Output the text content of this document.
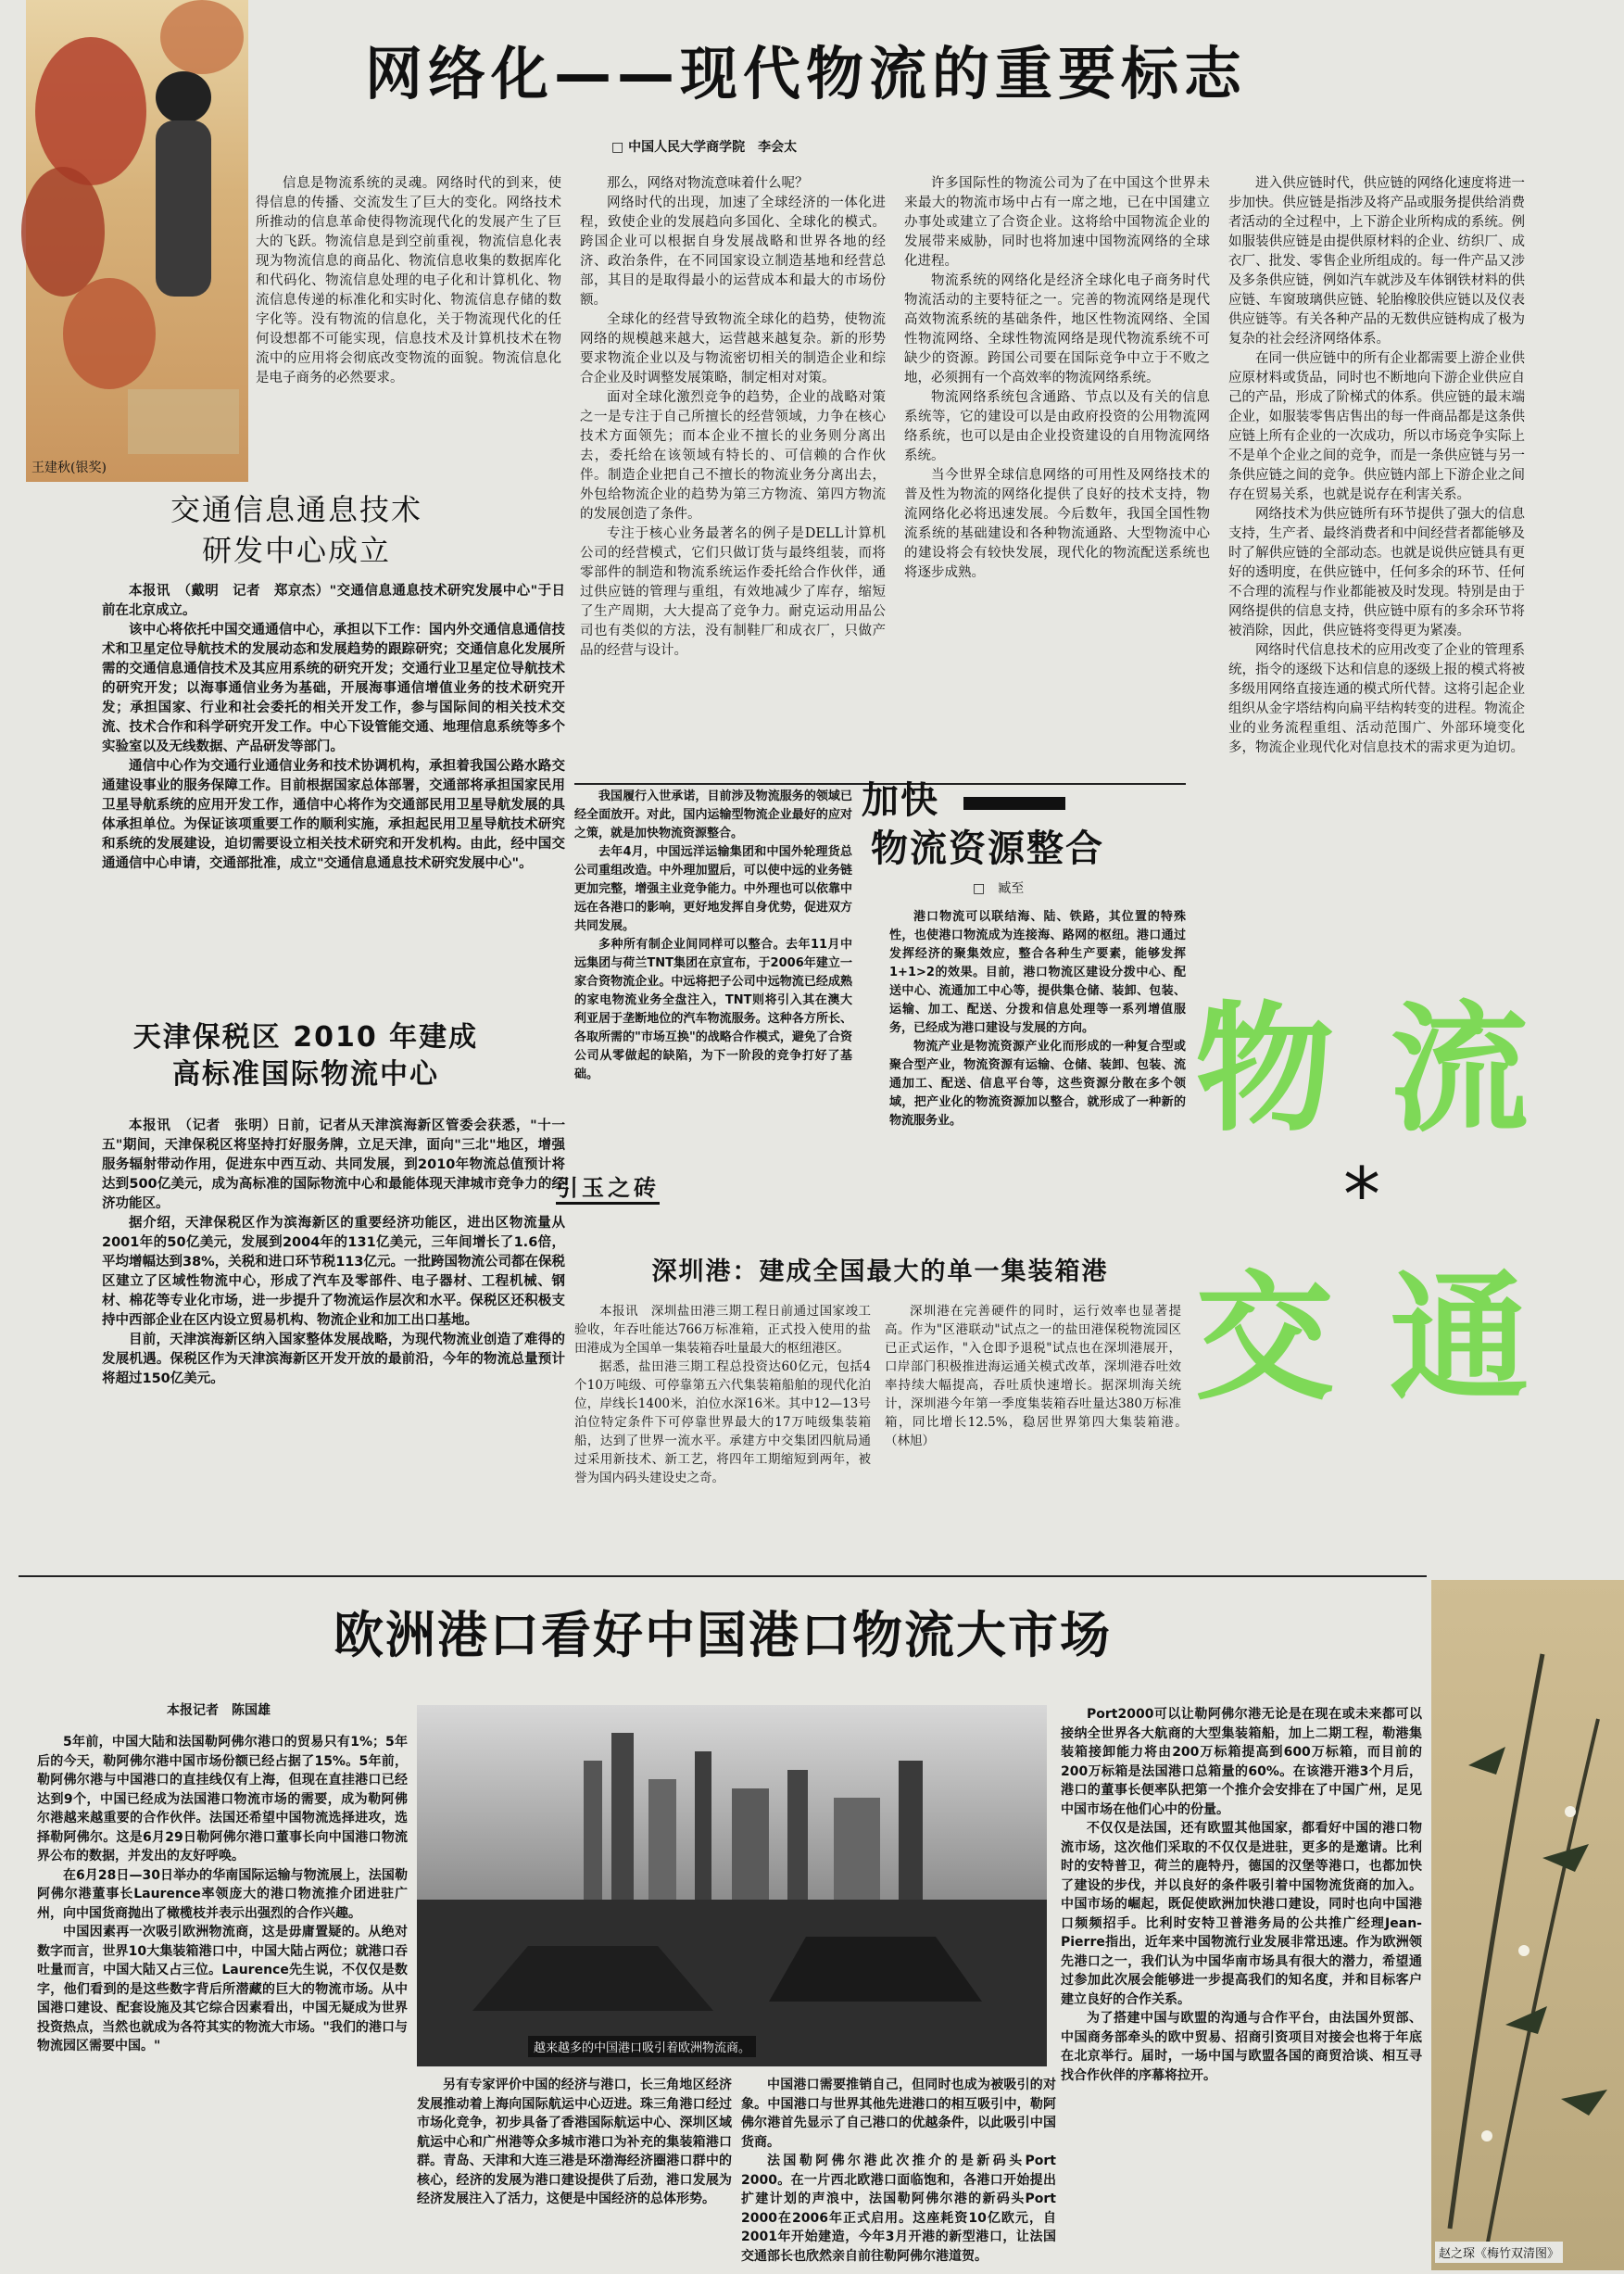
王建秋(银奖)
网络化——现代物流的重要标志
□ 中国人民大学商学院　李会太

信息是物流系统的灵魂。网络时代的到来，使得信息的传播、交流发生了巨大的变化。网络技术所推动的信息革命使得物流现代化的发展产生了巨大的飞跃。物流信息是到空前重视，物流信息化表现为物流信息的商品化、物流信息收集的数据库化和代码化、物流信息处理的电子化和计算机化、物流信息传递的标准化和实时化、物流信息存储的数字化等。没有物流的信息化，关于物流现代化的任何设想都不可能实现，信息技术及计算机技术在物流中的应用将会彻底改变物流的面貌。物流信息化是电子商务的必然要求。

那么，网络对物流意味着什么呢？

网络时代的出现，加速了全球经济的一体化进程，致使企业的发展趋向多国化、全球化的模式。跨国企业可以根据自身发展战略和世界各地的经济、政治条件，在不同国家设立制造基地和经营总部，其目的是取得最小的运营成本和最大的市场份额。

全球化的经营导致物流全球化的趋势，使物流网络的规模越来越大，运营越来越复杂。新的形势要求物流企业以及与物流密切相关的制造企业和综合企业及时调整发展策略，制定相对对策。

面对全球化激烈竞争的趋势，企业的战略对策之一是专注于自己所擅长的经营领域，力争在核心技术方面领先；而本企业不擅长的业务则分离出去，委托给在该领域有特长的、可信赖的合作伙伴。制造企业把自己不擅长的物流业务分离出去，外包给物流企业的趋势为第三方物流、第四方物流的发展创造了条件。

专注于核心业务最著名的例子是DELL计算机公司的经营模式，它们只做订货与最终组装，而将零部件的制造和物流系统运作委托给合作伙伴，通过供应链的管理与重组，有效地减少了库存，缩短了生产周期，大大提高了竞争力。耐克运动用品公司也有类似的方法，没有制鞋厂和成衣厂，只做产品的经营与设计。

许多国际性的物流公司为了在中国这个世界未来最大的物流市场中占有一席之地，已在中国建立办事处或建立了合资企业。这将给中国物流企业的发展带来威胁，同时也将加速中国物流网络的全球化进程。

物流系统的网络化是经济全球化电子商务时代物流活动的主要特征之一。完善的物流网络是现代高效物流系统的基础条件，地区性物流网络、全国性物流网络、全球性物流网络是现代物流系统不可缺少的资源。跨国公司要在国际竞争中立于不败之地，必须拥有一个高效率的物流网络系统。

物流网络系统包含通路、节点以及有关的信息系统等，它的建设可以是由政府投资的公用物流网络系统，也可以是由企业投资建设的自用物流网络系统。

当今世界全球信息网络的可用性及网络技术的普及性为物流的网络化提供了良好的技术支持，物流网络化必将迅速发展。今后数年，我国全国性物流系统的基础建设和各种物流通路、大型物流中心的建设将会有较快发展，现代化的物流配送系统也将逐步成熟。

进入供应链时代，供应链的网络化速度将进一步加快。供应链是指涉及将产品或服务提供给消费者活动的全过程中，上下游企业所构成的系统。例如服装供应链是由提供原材料的企业、纺织厂、成衣厂、批发、零售企业所组成的。每一件产品又涉及多条供应链，例如汽车就涉及车体钢铁材料的供应链、车窗玻璃供应链、轮胎橡胶供应链以及仪表供应链等。有关各种产品的无数供应链构成了极为复杂的社会经济网络体系。

在同一供应链中的所有企业都需要上游企业供应原材料或货品，同时也不断地向下游企业供应自己的产品，形成了阶梯式的体系。供应链的最末端企业，如服装零售店售出的每一件商品都是这条供应链上所有企业的一次成功，所以市场竞争实际上不是单个企业之间的竞争，而是一条供应链与另一条供应链之间的竞争。供应链内部上下游企业之间存在贸易关系，也就是说存在利害关系。

网络技术为供应链所有环节提供了强大的信息支持，生产者、最终消费者和中间经营者都能够及时了解供应链的全部动态。也就是说供应链具有更好的透明度，在供应链中，任何多余的环节、任何不合理的流程与作业都能被及时发现。特别是由于网络提供的信息支持，供应链中原有的多余环节将被消除，因此，供应链将变得更为紧凑。

网络时代信息技术的应用改变了企业的管理系统，指令的逐级下达和信息的逐级上报的模式将被多级用网络直接连通的模式所代替。这将引起企业组织从金字塔结构向扁平结构转变的进程。物流企业的业务流程重组、活动范围广、外部环境变化多，物流企业现代化对信息技术的需求更为迫切。

交通信息通息技术
研发中心成立

本报讯　（戴明　记者　郑京杰）"交通信息通息技术研究发展中心"于日前在北京成立。

该中心将依托中国交通通信中心，承担以下工作：国内外交通信息通信技术和卫星定位导航技术的发展动态和发展趋势的跟踪研究；交通信息化发展所需的交通信息通信技术及其应用系统的研究开发；交通行业卫星定位导航技术的研究开发；以海事通信业务为基础，开展海事通信增值业务的技术研究开发；承担国家、行业和社会委托的相关开发工作，参与国际间的相关技术交流、技术合作和科学研究开发工作。中心下设管能交通、地理信息系统等多个实验室以及无线数据、产品研发等部门。

通信中心作为交通行业通信业务和技术协调机构，承担着我国公路水路交通建设事业的服务保障工作。目前根据国家总体部署，交通部将承担国家民用卫星导航系统的应用开发工作，通信中心将作为交通部民用卫星导航发展的具体承担单位。为保证该项重要工作的顺利实施，承担起民用卫星导航技术研究和系统的发展建设，迫切需要设立相关技术研究和开发机构。由此，经中国交通通信中心申请，交通部批准，成立"交通信息通息技术研究发展中心"。

天津保税区 2010 年建成
高标准国际物流中心

本报讯　（记者　张明）日前，记者从天津滨海新区管委会获悉，"十一五"期间，天津保税区将坚持打好服务牌，立足天津，面向"三北"地区，增强服务辐射带动作用，促进东中西互动、共同发展，到2010年物流总值预计将达到500亿美元，成为高标准的国际物流中心和最能体现天津城市竞争力的经济功能区。

据介绍，天津保税区作为滨海新区的重要经济功能区，进出区物流量从2001年的50亿美元，发展到2004年的131亿美元，三年间增长了1.6倍，平均增幅达到38%，关税和进口环节税113亿元。一批跨国物流公司都在保税区建立了区域性物流中心，形成了汽车及零部件、电子器材、工程机械、钢材、棉花等专业化市场，进一步提升了物流运作层次和水平。保税区还积极支持中西部企业在区内设立贸易机构、物流企业和加工出口基地。

目前，天津滨海新区纳入国家整体发展战略，为现代物流业创造了难得的发展机遇。保税区作为天津滨海新区开发开放的最前沿，今年的物流总量预计将超过150亿美元。

我国履行入世承诺，目前涉及物流服务的领域已经全面放开。对此，国内运输型物流企业最好的应对之策，就是加快物流资源整合。

去年4月，中国远洋运输集团和中国外轮理货总公司重组改造。中外理加盟后，可以使中远的业务链更加完整，增强主业竞争能力。中外理也可以依靠中远在各港口的影响，更好地发挥自身优势，促进双方共同发展。

多种所有制企业间同样可以整合。去年11月中远集团与荷兰TNT集团在京宣布，于2006年建立一家合资物流企业。中远将把子公司中远物流已经成熟的家电物流业务全盘注入，TNT则将引入其在澳大利亚居于垄断地位的汽车物流服务。这种各方所长、各取所需的"市场互换"的战略合作模式，避免了合资公司从零做起的缺陷，为下一阶段的竞争打好了基础。

引玉之砖
加快
物流资源整合
□　臧至

港口物流可以联结海、陆、铁路，其位置的特殊性，也使港口物流成为连接海、路网的枢纽。港口通过发挥经济的聚集效应，整合各种生产要素，能够发挥1+1>2的效果。目前，港口物流区建设分拨中心、配送中心、流通加工中心等，提供集仓储、装卸、包装、运输、加工、配送、分拨和信息处理等一系列增值服务，已经成为港口建设与发展的方向。

物流产业是物流资源产业化而形成的一种复合型或聚合型产业，物流资源有运输、仓储、装卸、包装、流通加工、配送、信息平台等，这些资源分散在多个领域，把产业化的物流资源加以整合，就形成了一种新的物流服务业。

深圳港：建成全国最大的单一集装箱港

本报讯　深圳盐田港三期工程日前通过国家竣工验收，年吞吐能达766万标准箱，正式投入使用的盐田港成为全国单一集装箱吞吐量最大的枢纽港区。

据悉，盐田港三期工程总投资达60亿元，包括4个10万吨级、可停靠第五六代集装箱船舶的现代化泊位，岸线长1400米，泊位水深16米。其中12—13号泊位特定条件下可停靠世界最大的17万吨级集装箱船，达到了世界一流水平。承建方中交集团四航局通过采用新技术、新工艺，将四年工期缩短到两年，被誉为国内码头建设史之奇。

深圳港在完善硬件的同时，运行效率也显著提高。作为"区港联动"试点之一的盐田港保税物流园区已正式运作，"入仓即予退税"试点也在深圳港展开，口岸部门积极推进海运通关模式改革，深圳港吞吐效率持续大幅提高，吞吐质快速增长。据深圳海关统计，深圳港今年第一季度集装箱吞吐量达380万标准箱，同比增长12.5%，稳居世界第四大集装箱港。　　（林旭）

物 流
*
交 通
赵之琛《梅竹双清图》
欧洲港口看好中国港口物流大市场
本报记者　陈国雄
越来越多的中国港口吸引着欧洲物流商。

5年前，中国大陆和法国勒阿佛尔港口的贸易只有1%；5年后的今天，勒阿佛尔港中国市场份额已经占据了15%。5年前，勒阿佛尔港与中国港口的直挂线仅有上海，但现在直挂港口已经达到9个，中国已经成为法国港口物流市场的需要，成为勒阿佛尔港越来越重要的合作伙伴。法国还希望中国物流选择进攻，选择勒阿佛尔。这是6月29日勒阿佛尔港口董事长向中国港口物流界公布的数据，并发出的友好呼唤。

在6月28日—30日举办的华南国际运输与物流展上，法国勒阿佛尔港董事长Laurence率领庞大的港口物流推介团进驻广州，向中国货商抛出了橄榄枝并表示出强烈的合作兴趣。

中国因素再一次吸引欧洲物流商，这是毋庸置疑的。从绝对数字而言，世界10大集装箱港口中，中国大陆占两位；就港口吞吐量而言，中国大陆又占三位。Laurence先生说，不仅仅是数字，他们看到的是这些数字背后所潜藏的巨大的物流市场。从中国港口建设、配套设施及其它综合因素看出，中国无疑成为世界投资热点，当然也就成为各符其实的物流大市场。"我们的港口与物流园区需要中国。"

另有专家评价中国的经济与港口，长三角地区经济发展推动着上海向国际航运中心迈进。珠三角港口经过市场化竞争，初步具备了香港国际航运中心、深圳区域航运中心和广州港等众多城市港口为补充的集装箱港口群。青岛、天津和大连三港是环渤海经济圈港口群中的核心，经济的发展为港口建设提供了后劲，港口发展为经济发展注入了活力，这便是中国经济的总体形势。

中国港口需要推销自己，但同时也成为被吸引的对象。中国港口与世界其他先进港口的相互吸引中，勒阿佛尔港首先显示了自己港口的优越条件，以此吸引中国货商。

法国勒阿佛尔港此次推介的是新码头Port 2000。在一片西北欧港口面临饱和，各港口开始提出扩建计划的声浪中，法国勒阿佛尔港的新码头Port 2000在2006年正式启用。这座耗资10亿欧元，自2001年开始建造，今年3月开港的新型港口，让法国交通部长也欣然亲自前往勒阿佛尔港道贺。

Port2000可以让勒阿佛尔港无论是在现在或未来都可以接纳全世界各大航商的大型集装箱船，加上二期工程，勒港集装箱接卸能力将由200万标箱提高到600万标箱，而目前的200万标箱是法国港口总箱量的60%。在该港开港3个月后，港口的董事长便率队把第一个推介会安排在了中国广州，足见中国市场在他们心中的份量。

不仅仅是法国，还有欧盟其他国家，都看好中国的港口物流市场，这次他们采取的不仅仅是进驻，更多的是邀请。比利时的安特普卫，荷兰的鹿特丹，德国的汉堡等港口，也都加快了建设的步伐，并以良好的条件吸引着中国物流货商的加入。中国市场的崛起，既促使欧洲加快港口建设，同时也向中国港口频频招手。比利时安特卫普港务局的公共推广经理Jean-Pierre指出，近年来中国物流行业发展非常迅速。作为欧洲领先港口之一，我们认为中国华南市场具有很大的潜力，希望通过参加此次展会能够进一步提高我们的知名度，并和目标客户建立良好的合作关系。

为了搭建中国与欧盟的沟通与合作平台，由法国外贸部、中国商务部牵头的欧中贸易、招商引资项目对接会也将于年底在北京举行。届时，一场中国与欧盟各国的商贸洽谈、相互寻找合作伙伴的序幕将拉开。
